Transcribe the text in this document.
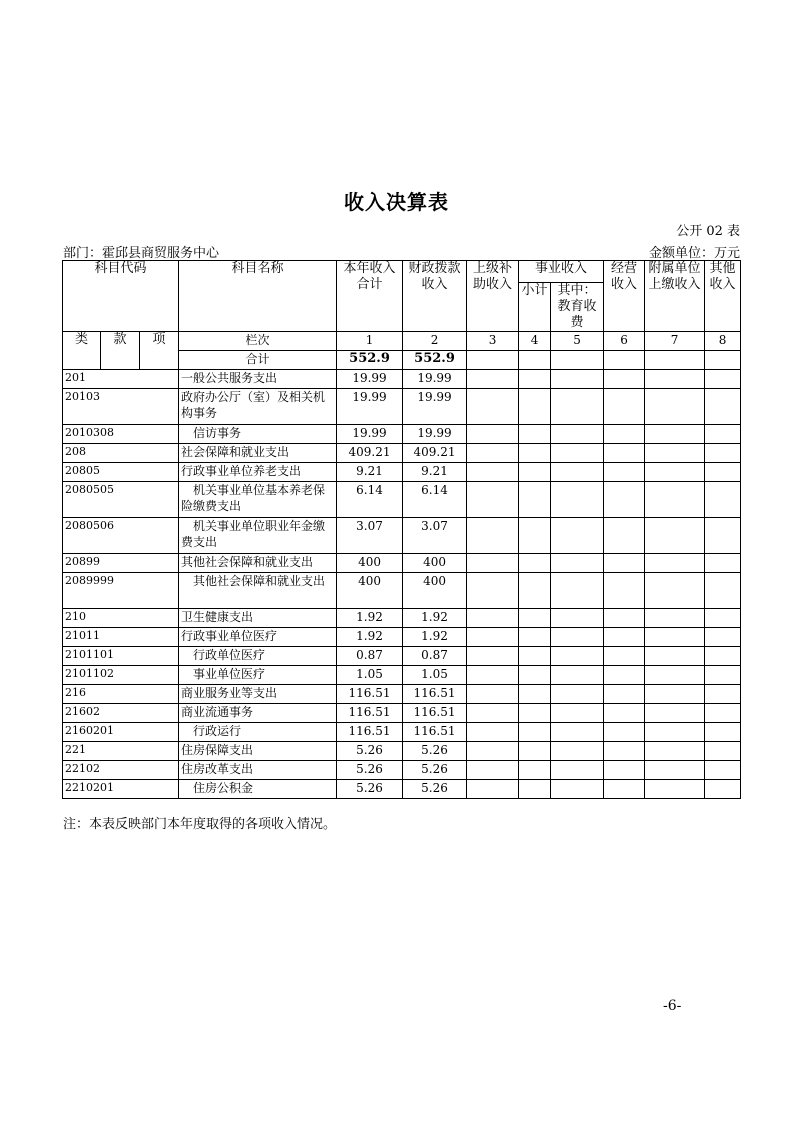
收入决算表
公开 02 表
部门：霍邱县商贸服务中心	金额单位：万元
科目代码			科目名称	本年收入合计	财政拨款收入	上级补助收入	事业收入		经营收入	附属单位上缴收入	其他收入
							小计	其中：教育收费			
类	款	项	栏次	1	2	3	4	5	6	7	8
			合计	552.9	552.9						
201			一般公共服务支出	19.99	19.99						
20103			政府办公厅（室）及相关机构事务	19.99	19.99						
2010308			信访事务	19.99	19.99						
208			社会保障和就业支出	409.21	409.21						
20805			行政事业单位养老支出	9.21	9.21						
2080505			机关事业单位基本养老保险缴费支出	6.14	6.14						
2080506			机关事业单位职业年金缴费支出	3.07	3.07						
20899			其他社会保障和就业支出	400	400						
2089999			其他社会保障和就业支出	400	400						
210			卫生健康支出	1.92	1.92						
21011			行政事业单位医疗	1.92	1.92						
2101101			行政单位医疗	0.87	0.87						
2101102			事业单位医疗	1.05	1.05						
216			商业服务业等支出	116.51	116.51						
21602			商业流通事务	116.51	116.51						
2160201			行政运行	116.51	116.51						
221			住房保障支出	5.26	5.26						
22102			住房改革支出	5.26	5.26						
2210201			住房公积金	5.26	5.26						
注：本表反映部门本年度取得的各项收入情况。
-6-
